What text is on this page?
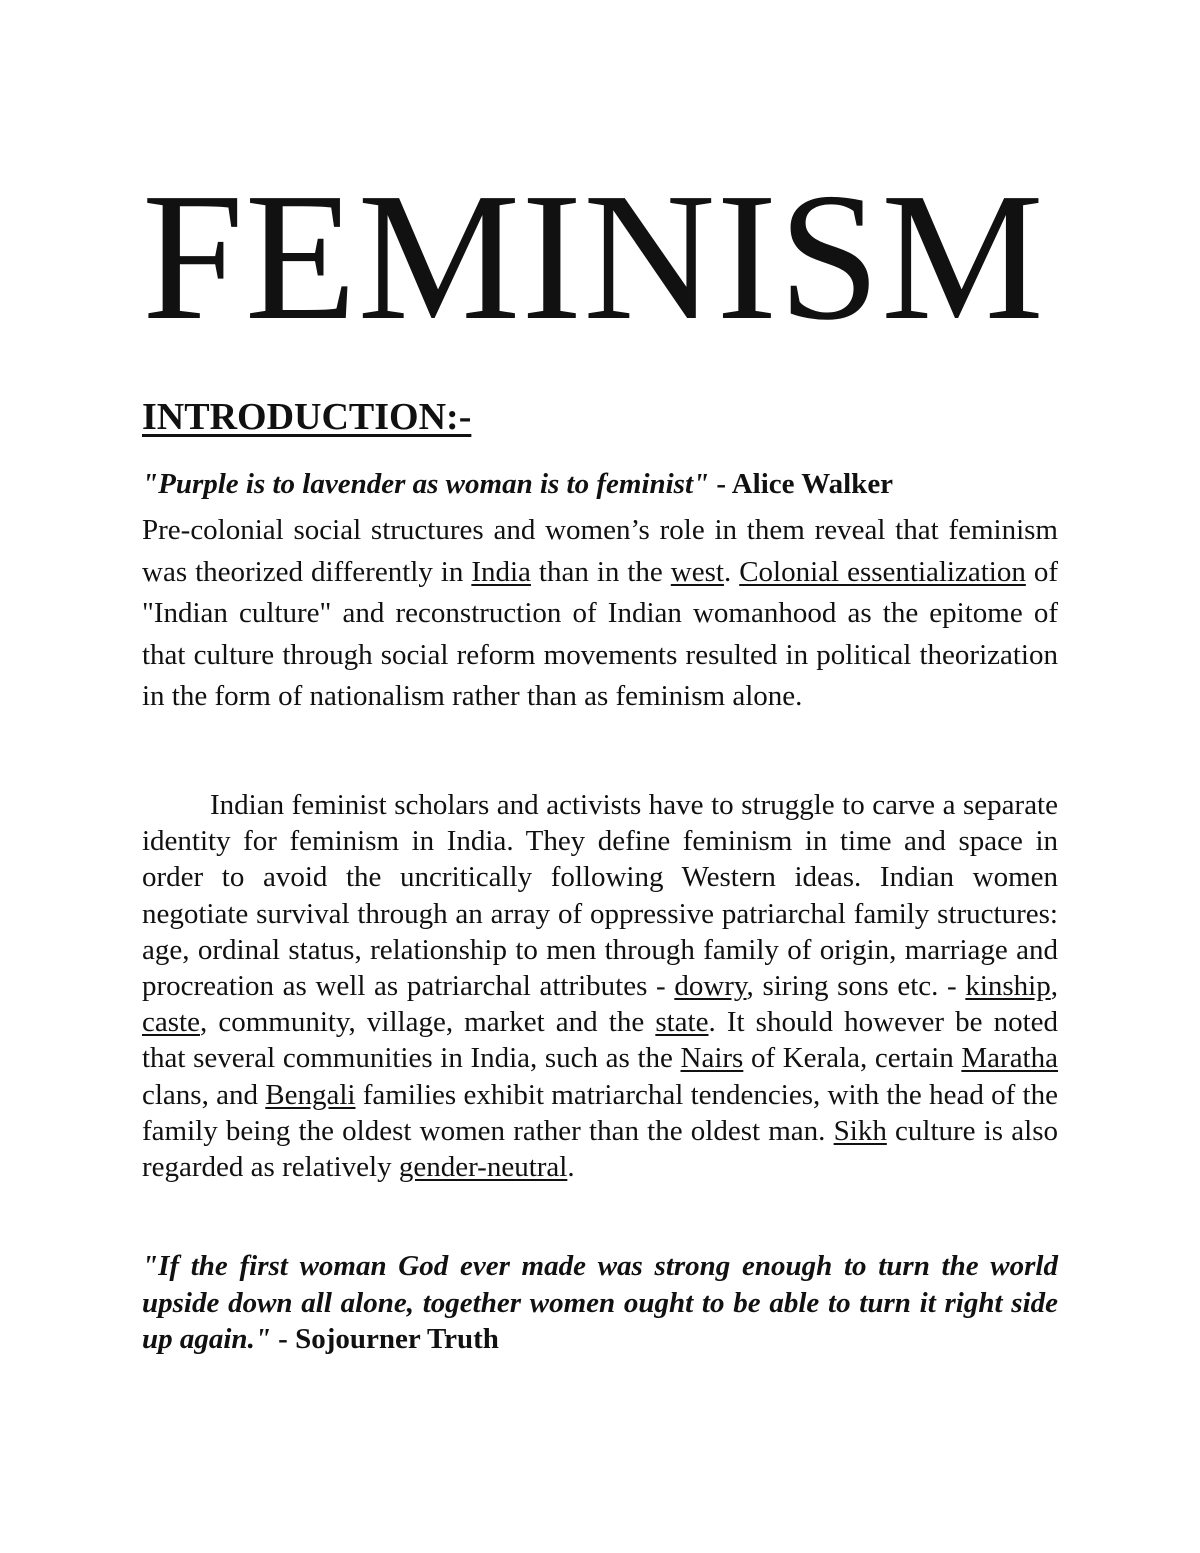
FEMINISM
INTRODUCTION:-

"Purple is to lavender as woman is to feminist" - Alice Walker

Pre-colonial social structures and women’s role in them reveal that feminism was theorized differently in India than in the west. Colonial essentialization of "Indian culture" and reconstruction of Indian womanhood as the epitome of that culture through social reform movements resulted in political theorization in the form of nationalism rather than as feminism alone.

Indian feminist scholars and activists have to struggle to carve a separate identity for feminism in India. They define feminism in time and space in order to avoid the uncritically following Western ideas. Indian women negotiate survival through an array of oppressive patriarchal family structures: age, ordinal status, relationship to men through family of origin, marriage and procreation as well as patriarchal attributes - dowry, siring sons etc. - kinship, caste, community, village, market and the state. It should however be noted that several communities in India, such as the Nairs of Kerala, certain Maratha clans, and Bengali families exhibit matriarchal tendencies, with the head of the family being the oldest women rather than the oldest man. Sikh culture is also regarded as relatively gender-neutral.

"If the first woman God ever made was strong enough to turn the world upside down all alone, together women ought to be able to turn it right side up again." - Sojourner Truth
